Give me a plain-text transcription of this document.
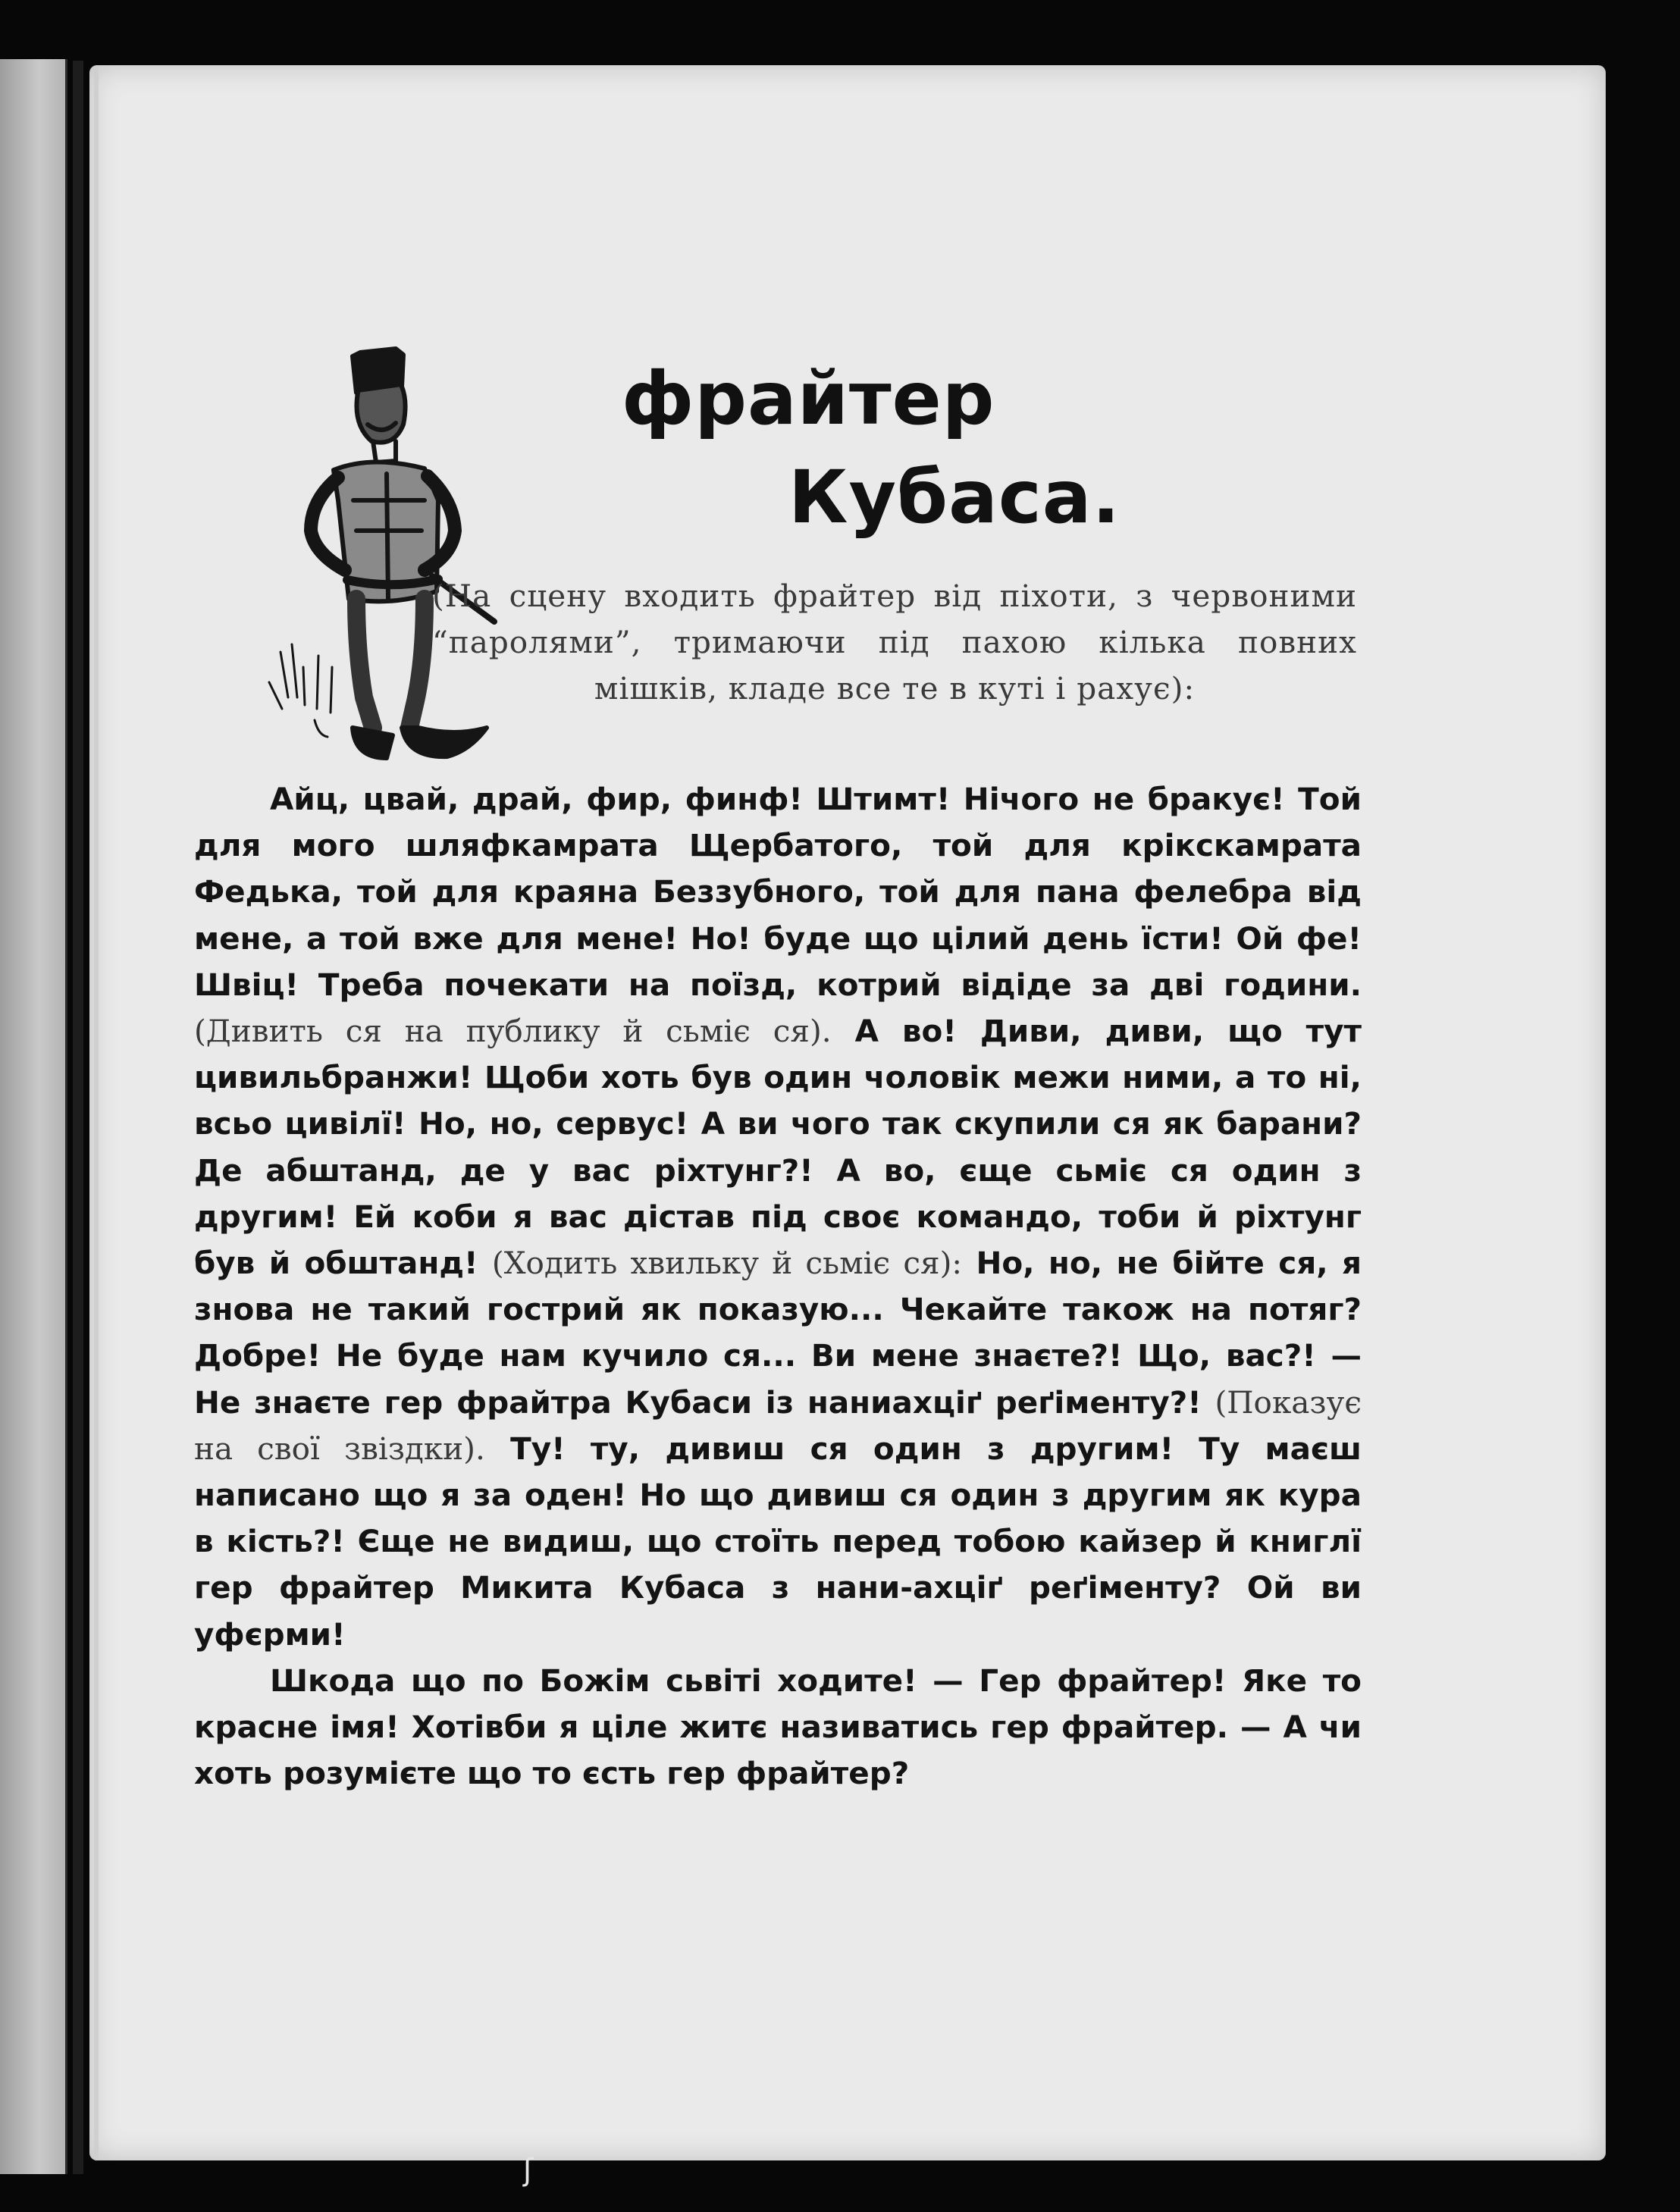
фрайтер
Кубаса.
(На сцену входить фрайтер від піхоти, з червоними “паролями”, тримаючи під пахою кілька повних мішків, кладе все те в куті і рахує):

Айц, цвай, драй, фир, финф! Штимт! Нічого не бракує! Той для мого шляфкамрата Щербатого, той для крікскамрата Федька, той для краяна Беззубного, той для пана фелебра від мене, а той вже для мене! Но! буде що цілий день їсти! Ой фе! Швіц! Треба почекати на поїзд, котрий відіде за дві години. (Дивить ся на публику й сьміє ся). А во! Диви, диви, що тут цивильбранжи! Щоби хоть був один чоловік межи ними, а то ні, всьо цивілї! Но, но, сервус! А ви чого так скупили ся як барани? Де абштанд, де у вас ріхтунг?! А во, єще сьміє ся один з другим! Ей коби я вас дістав під своє командо, тоби й ріхтунг був й обштанд! (Ходить хвильку й сьміє ся): Но, но, не бійте ся, я знова не такий гострий як показую... Чекайте також на потяг? Добре! Не буде нам кучило ся... Ви мене знаєте?! Що, вас?! — Не знаєте гер фрайтра Кубаси із наниахціґ реґіменту?! (Показує на свої звіздки). Ту! ту, дивиш ся один з другим! Ту маєш написано що я за оден! Но що дивиш ся один з другим як кура в кість?! Єще не видиш, що стоїть перед тобою кайзер й книглї гер фрайтер Микита Кубаса з нани-ахціґ реґіменту? Ой ви уфєрми!

Шкода що по Божім сьвіті ходите! — Гер фрайтер! Яке то красне імя! Хотівби я ціле житє називатись гер фрайтер. — А чи хоть розумієте що то єсть гер фрайтер?

ʃ
